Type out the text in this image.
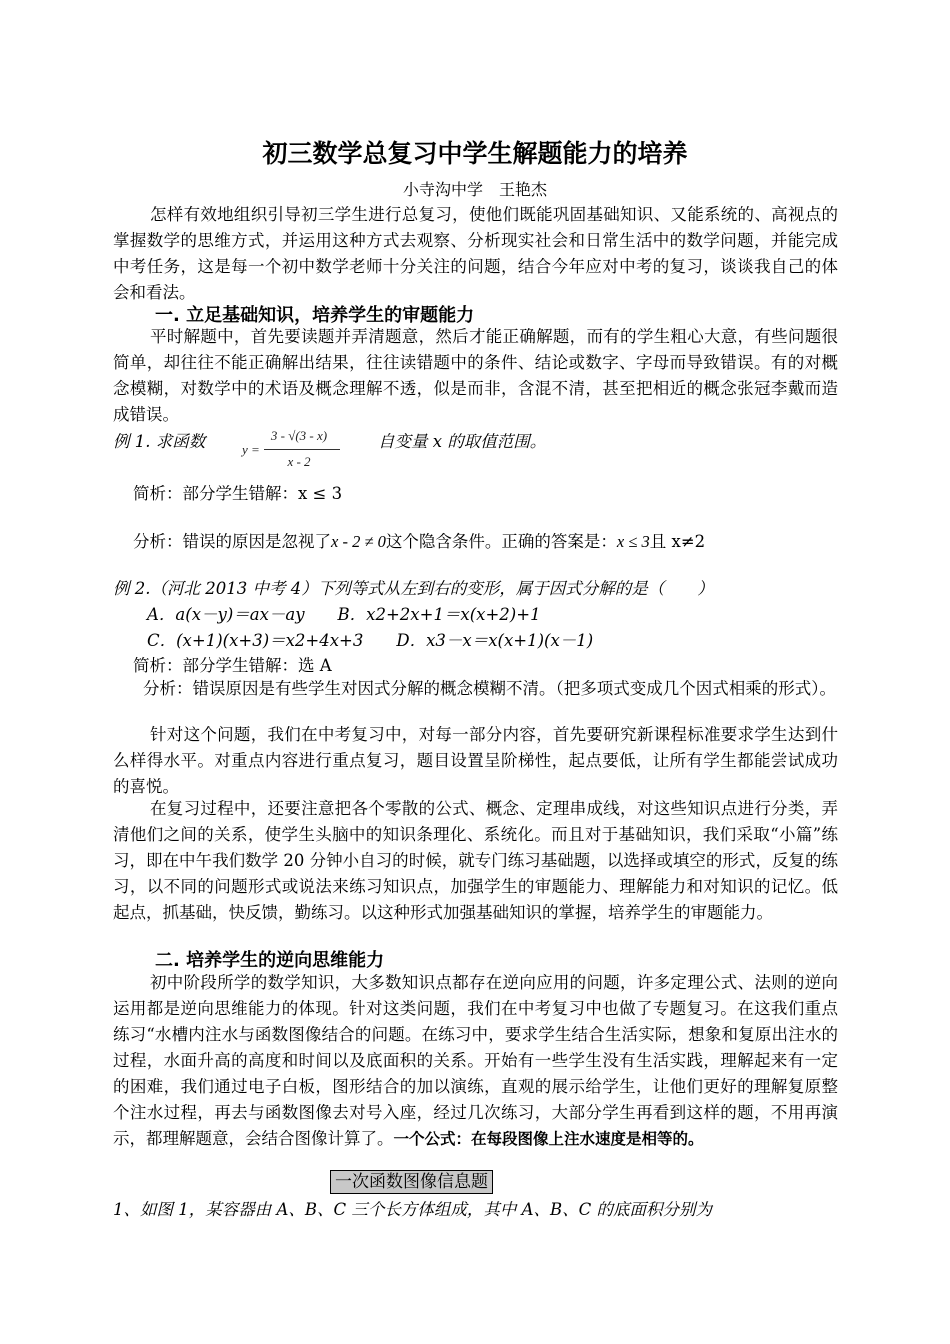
初三数学总复习中学生解题能力的培养
小寺沟中学　王艳杰

怎样有效地组织引导初三学生进行总复习，使他们既能巩固基础知识、又能系统的、高视点的掌握数学的思维方式，并运用这种方式去观察、分析现实社会和日常生活中的数学问题，并能完成中考任务，这是每一个初中数学老师十分关注的问题，结合今年应对中考的复习，谈谈我自己的体会和看法。

一. 立足基础知识，培养学生的审题能力

平时解题中，首先要读题并弄清题意，然后才能正确解题，而有的学生粗心大意，有些问题很简单，却往往不能正确解出结果，往往读错题中的条件、结论或数字、字母而导致错误。有的对概念模糊，对数学中的术语及概念理解不透，似是而非，含混不清，甚至把相近的概念张冠李戴而造成错误。

例 1. 求函数	y =
3 - √(3 - x)
x - 2
自变量 x 的取值范围。
简析：部分学生错解：x ≤ 3
分析：错误的原因是忽视了x - 2 ≠ 0这个隐含条件。正确的答案是：x ≤ 3且 x≠2
例 2.（河北 2013 中考 4）下列等式从左到右的变形，属于因式分解的是（　　）
A．a(x－y)＝ax－ay　　B．x2+2x+1＝x(x+2)+1
C．(x+1)(x+3)＝x2+4x+3　　D．x3－x＝x(x+1)(x－1)
简析：部分学生错解：选 A

分析：错误原因是有些学生对因式分解的概念模糊不清。（把多项式变成几个因式相乘的形式）。

针对这个问题，我们在中考复习中，对每一部分内容，首先要研究新课程标准要求学生达到什么样得水平。对重点内容进行重点复习，题目设置呈阶梯性，起点要低，让所有学生都能尝试成功的喜悦。

在复习过程中，还要注意把各个零散的公式、概念、定理串成线，对这些知识点进行分类，弄清他们之间的关系，使学生头脑中的知识条理化、系统化。而且对于基础知识，我们采取“小篇”练习，即在中午我们数学 20 分钟小自习的时候，就专门练习基础题，以选择或填空的形式，反复的练习，以不同的问题形式或说法来练习知识点，加强学生的审题能力、理解能力和对知识的记忆。低起点，抓基础，快反馈，勤练习。以这种形式加强基础知识的掌握，培养学生的审题能力。

二. 培养学生的逆向思维能力

初中阶段所学的数学知识，大多数知识点都存在逆向应用的问题，许多定理公式、法则的逆向运用都是逆向思维能力的体现。针对这类问题，我们在中考复习中也做了专题复习。在这我们重点练习“水槽内注水与函数图像结合的问题。在练习中，要求学生结合生活实际，想象和复原出注水的过程，水面升高的高度和时间以及底面积的关系。开始有一些学生没有生活实践，理解起来有一定的困难，我们通过电子白板，图形结合的加以演练，直观的展示给学生，让他们更好的理解复原整个注水过程，再去与函数图像去对号入座，经过几次练习，大部分学生再看到这样的题，不用再演示，都理解题意，会结合图像计算了。一个公式：在每段图像上注水速度是相等的。

一次函数图像信息题
1、如图 1，某容器由 A、B、C 三个长方体组成，其中 A、B、C 的底面积分别为
